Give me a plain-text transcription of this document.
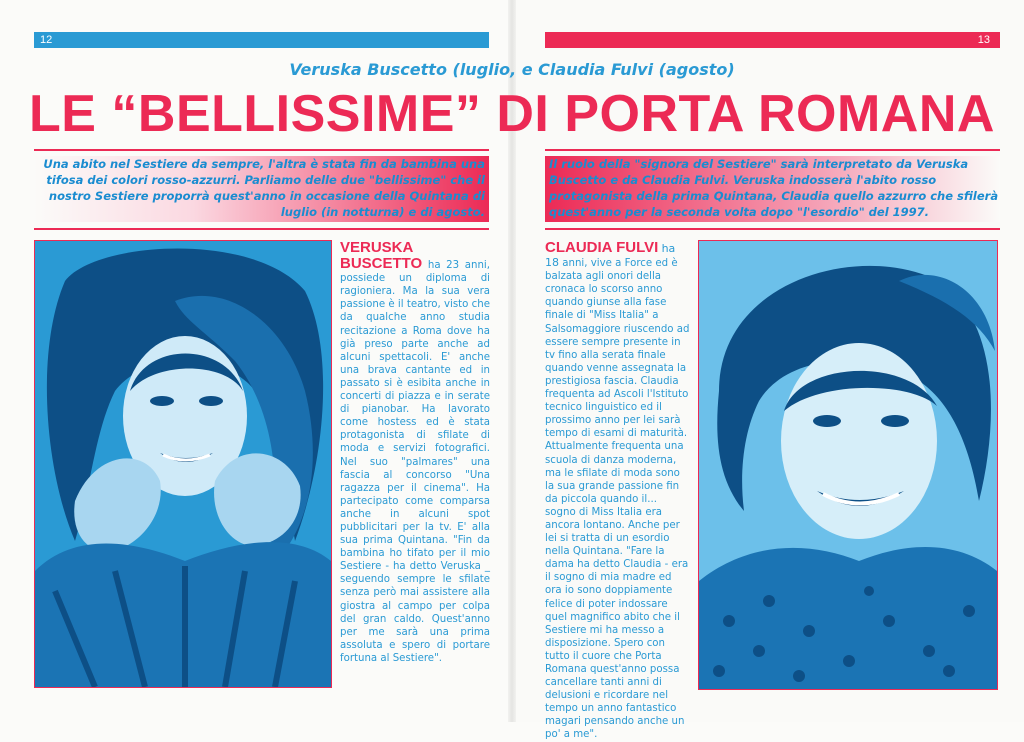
12	13
Veruska Buscetto (luglio, e Claudia Fulvi (agosto)
LE “BELLISSIME” DI PORTA ROMANA
Una abito nel Sestiere da sempre, l'altra è stata fin da bambina una tifosa dei colori rosso-azzurri. Parliamo delle due "bellissime" che il nostro Sestiere proporrà quest'anno in occasione della Quintana di luglio (in notturna) e di agosto.
Il ruolo della "signora del Sestiere" sarà interpretato da Veruska Buscetto e da Claudia Fulvi. Veruska indosserà l'abito rosso protagonista della prima Quintana, Claudia quello azzurro che sfilerà quest'anno per la seconda volta dopo "l'esordio" del 1997.

VERUSKA BUSCETTO ha 23 anni, possiede un diploma di ragioniera. Ma la sua vera passione è il teatro, visto che da qualche anno studia recitazione a Roma dove ha già preso parte anche ad alcuni spettacoli. E' anche una brava cantante ed in passato si è esibita anche in concerti di piazza e in serate di pianobar. Ha lavorato come hostess ed è stata protagonista di sfilate di moda e servizi fotografici. Nel suo "palmares" una fascia al concorso "Una ragazza per il cinema". Ha partecipato come comparsa anche in alcuni spot pubblicitari per la tv. E' alla sua prima Quintana. "Fin da bambina ho tifato per il mio Sestiere - ha detto Veruska _ seguendo sempre le sfilate senza però mai assistere alla giostra al campo per colpa del gran caldo. Quest'anno per me sarà una prima assoluta e spero di portare fortuna al Sestiere".

CLAUDIA FULVI ha 18 anni, vive a Force ed è balzata agli onori della cronaca lo scorso anno quando giunse alla fase finale di "Miss Italia" a Salsomaggiore riuscendo ad essere sempre presente in tv fino alla serata finale quando venne assegnata la prestigiosa fascia. Claudia frequenta ad Ascoli l'Istituto tecnico linguistico ed il prossimo anno per lei sarà tempo di esami di maturità. Attualmente frequenta una scuola di danza moderna, ma le sfilate di moda sono la sua grande passione fin da piccola quando il... sogno di Miss Italia era ancora lontano. Anche per lei si tratta di un esordio nella Quintana. "Fare la dama ha detto Claudia - era il sogno di mia madre ed ora io sono doppiamente felice di poter indossare quel magnifico abito che il Sestiere mi ha messo a disposizione. Spero con tutto il cuore che Porta Romana quest'anno possa cancellare tanti anni di delusioni e ricordare nel tempo un anno fantastico magari pensando anche un po' a me".
